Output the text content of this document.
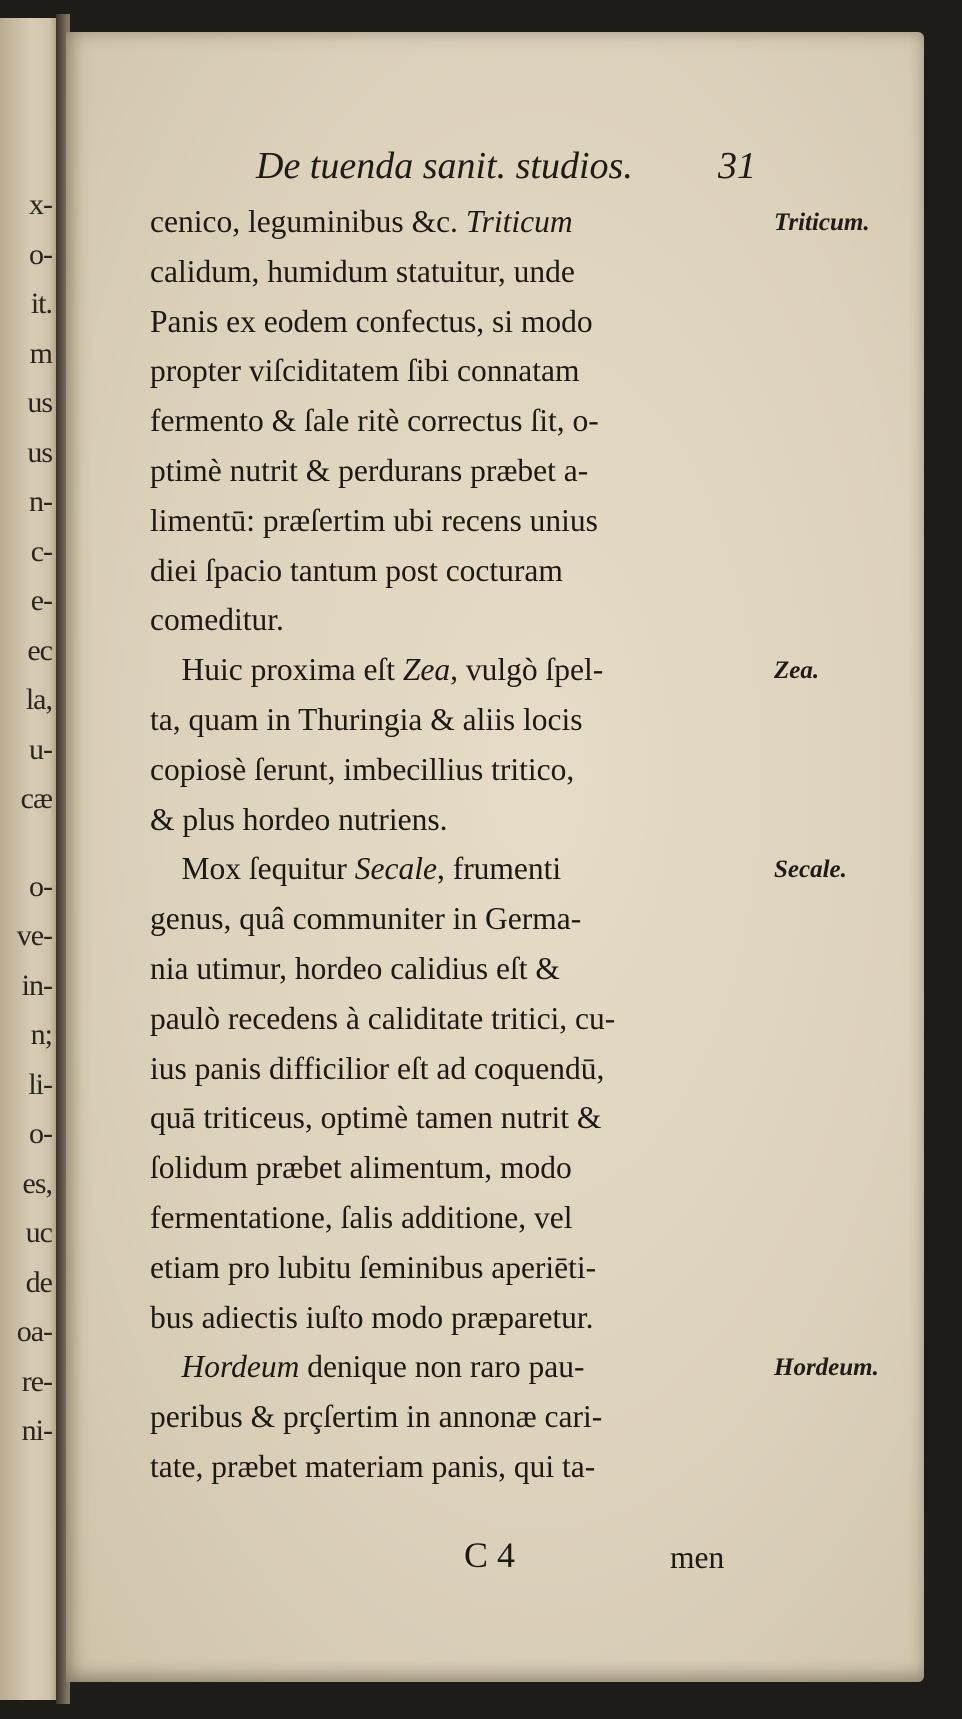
x-
o-
it.
m
us
us
n-
c-
e-
ec
la,
u-
cæ
o-
ve-
in-
n;
li-
o-
es,
uc
de
oa-
re-
ni-
De tuenda sanit. studios. 31
cenico, leguminibus &c. Triticum
calidum, humidum statuitur, unde
Panis ex eodem confectus, si modo
propter viſciditatem ſibi connatam
fermento & ſale ritè correctus ſit, o-
ptimè nutrit & perdurans præbet a-
limentū: præſertim ubi recens unius
diei ſpacio tantum post cocturam
comeditur.
Huic proxima eſt Zea, vulgò ſpel-
ta, quam in Thuringia & aliis locis
copiosè ſerunt, imbecillius tritico,
& plus hordeo nutriens.
Mox ſequitur Secale, frumenti
genus, quâ communiter in Germa-
nia utimur, hordeo calidius eſt &
paulò recedens à caliditate tritici, cu-
ius panis difficilior eſt ad coquendū,
quā triticeus, optimè tamen nutrit &
ſolidum præbet alimentum, modo
fermentatione, ſalis additione, vel
etiam pro lubitu ſeminibus aperiēti-
bus adiectis iuſto modo præparetur.
Hordeum denique non raro pau-
peribus & prçſertim in annonæ cari-
tate, præbet materiam panis, qui ta-
Triticum.
Zea.
Secale.
Hordeum.
C 4	men
